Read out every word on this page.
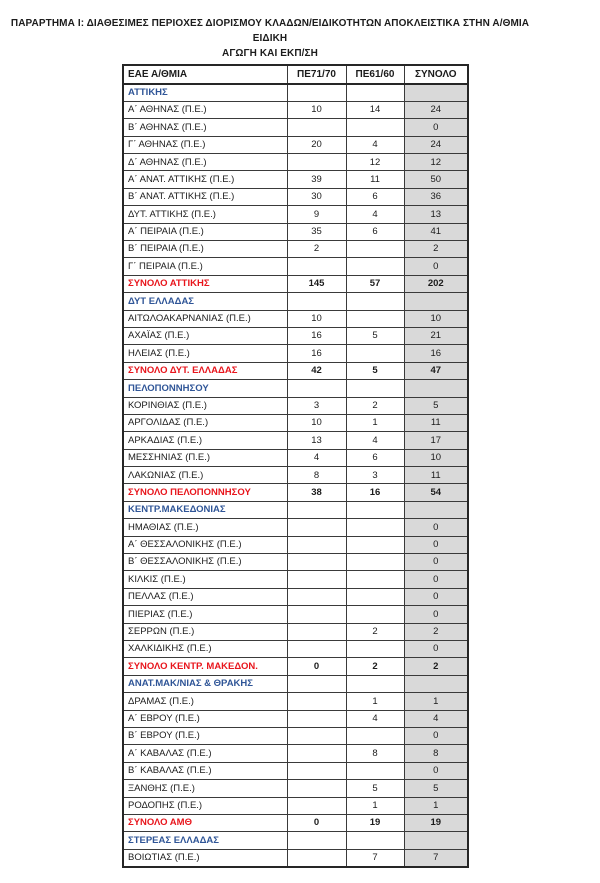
ΠΑΡΑΡΤΗΜΑ Ι: ΔΙΑΘΕΣΙΜΕΣ ΠΕΡΙΟΧΕΣ ΔΙΟΡΙΣΜΟΥ ΚΛΑΔΩΝ/ΕΙΔΙΚΟΤΗΤΩΝ ΑΠΟΚΛΕΙΣΤΙΚΑ ΣΤΗΝ Α/ΘΜΙΑ ΕΙΔΙΚΗ
ΑΓΩΓΗ ΚΑΙ ΕΚΠ/ΣΗ
ΕΑΕ Α/ΘΜΙΑ	ΠΕ71/70	ΠΕ61/60	ΣΥΝΟΛΟ
ΑΤΤΙΚΗΣ			
Α΄ ΑΘΗΝΑΣ (Π.Ε.)	10	14	24
Β΄ ΑΘΗΝΑΣ (Π.Ε.)			0
Γ΄ ΑΘΗΝΑΣ (Π.Ε.)	20	4	24
Δ΄ ΑΘΗΝΑΣ (Π.Ε.)		12	12
Α΄ ΑΝΑΤ. ΑΤΤΙΚΗΣ (Π.Ε.)	39	11	50
Β΄ ΑΝΑΤ. ΑΤΤΙΚΗΣ (Π.Ε.)	30	6	36
ΔΥΤ. ΑΤΤΙΚΗΣ (Π.Ε.)	9	4	13
Α΄ ΠΕΙΡΑΙΑ (Π.Ε.)	35	6	41
Β΄ ΠΕΙΡΑΙΑ (Π.Ε.)	2		2
Γ΄ ΠΕΙΡΑΙΑ (Π.Ε.)			0
ΣΥΝΟΛΟ ΑΤΤΙΚΗΣ	145	57	202
ΔΥΤ ΕΛΛΑΔΑΣ			
ΑΙΤΩΛΟΑΚΑΡΝΑΝΙΑΣ (Π.Ε.)	10		10
ΑΧΑΪΑΣ (Π.Ε.)	16	5	21
ΗΛΕΙΑΣ (Π.Ε.)	16		16
ΣΥΝΟΛΟ ΔΥΤ. ΕΛΛΑΔΑΣ	42	5	47
ΠΕΛΟΠΟΝΝΗΣΟΥ			
ΚΟΡΙΝΘΙΑΣ (Π.Ε.)	3	2	5
ΑΡΓΟΛΙΔΑΣ (Π.Ε.)	10	1	11
ΑΡΚΑΔΙΑΣ (Π.Ε.)	13	4	17
ΜΕΣΣΗΝΙΑΣ (Π.Ε.)	4	6	10
ΛΑΚΩΝΙΑΣ (Π.Ε.)	8	3	11
ΣΥΝΟΛΟ ΠΕΛΟΠΟΝΝΗΣΟΥ	38	16	54
ΚΕΝΤΡ.ΜΑΚΕΔΟΝΙΑΣ			
ΗΜΑΘΙΑΣ (Π.Ε.)			0
Α΄ ΘΕΣΣΑΛΟΝΙΚΗΣ (Π.Ε.)			0
Β΄ ΘΕΣΣΑΛΟΝΙΚΗΣ (Π.Ε.)			0
ΚΙΛΚΙΣ (Π.Ε.)			0
ΠΕΛΛΑΣ (Π.Ε.)			0
ΠΙΕΡΙΑΣ (Π.Ε.)			0
ΣΕΡΡΩΝ (Π.Ε.)		2	2
ΧΑΛΚΙΔΙΚΗΣ (Π.Ε.)			0
ΣΥΝΟΛΟ ΚΕΝΤΡ. ΜΑΚΕΔΟΝ.	0	2	2
ΑΝΑΤ.ΜΑΚ/ΝΙΑΣ & ΘΡΑΚΗΣ			
ΔΡΑΜΑΣ (Π.Ε.)		1	1
Α΄ ΕΒΡΟΥ (Π.Ε.)		4	4
Β΄ ΕΒΡΟΥ (Π.Ε.)			0
Α΄ ΚΑΒΑΛΑΣ (Π.Ε.)		8	8
Β΄ ΚΑΒΑΛΑΣ (Π.Ε.)			0
ΞΑΝΘΗΣ (Π.Ε.)		5	5
ΡΟΔΟΠΗΣ (Π.Ε.)		1	1
ΣΥΝΟΛΟ ΑΜΘ	0	19	19
ΣΤΕΡΕΑΣ ΕΛΛΑΔΑΣ			
ΒΟΙΩΤΙΑΣ (Π.Ε.)		7	7
